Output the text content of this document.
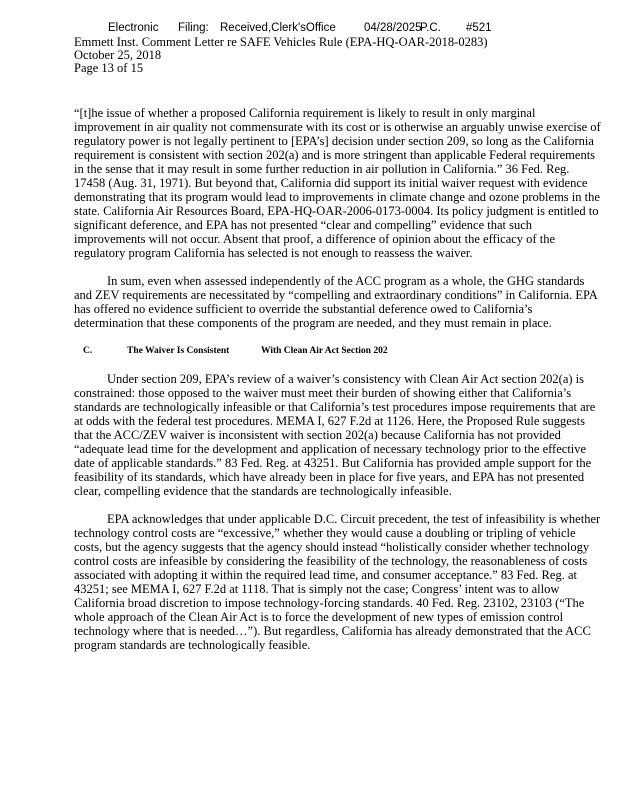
Electronic Filing: Received,Clerk'sOffice 04/28/2025
P.C. #521
Emmett Inst. Comment Letter re SAFE Vehicles Rule (EPA-HQ-OAR-2018-0283)
October 25, 2018
Page 13 of 15

“[t]he issue of whether a proposed California requirement is likely to result in only marginal improvement in air quality not commensurate with its cost or is otherwise an arguably unwise exercise of regulatory power is not legally pertinent to [EPA’s] decision under section 209, so long as the California requirement is consistent with section 202(a) and is more stringent than applicable Federal requirements in the sense that it may result in some further reduction in air pollution in California.” 36 Fed. Reg. 17458 (Aug. 31, 1971). But beyond that, California did support its initial waiver request with evidence demonstrating that its program would lead to improvements in climate change and ozone problems in the state. California Air Resources Board, EPA-HQ-OAR-2006-0173-0004. Its policy judgment is entitled to significant deference, and EPA has not presented “clear and compelling” evidence that such improvements will not occur. Absent that proof, a difference of opinion about the efficacy of the regulatory program California has selected is not enough to reassess the waiver.

In sum, even when assessed independently of the ACC program as a whole, the GHG standards and ZEV requirements are necessitated by “compelling and extraordinary conditions” in California. EPA has offered no evidence sufficient to override the substantial deference owed to California’s determination that these components of the program are needed, and they must remain in place.

C.	The Waiver Is Consistent	With Clean Air Act Section 202

Under section 209, EPA’s review of a waiver’s consistency with Clean Air Act section 202(a) is constrained: those opposed to the waiver must meet their burden of showing either that California’s standards are technologically infeasible or that California’s test procedures impose requirements that are at odds with the federal test procedures. MEMA I, 627 F.2d at 1126. Here, the Proposed Rule suggests that the ACC/ZEV waiver is inconsistent with section 202(a) because California has not provided “adequate lead time for the development and application of necessary technology prior to the effective date of applicable standards.” 83 Fed. Reg. at 43251. But California has provided ample support for the feasibility of its standards, which have already been in place for five years, and EPA has not presented clear, compelling evidence that the standards are technologically infeasible.

EPA acknowledges that under applicable D.C. Circuit precedent, the test of infeasibility is whether technology control costs are “excessive,” whether they would cause a doubling or tripling of vehicle costs, but the agency suggests that the agency should instead “holistically consider whether technology control costs are infeasible by considering the feasibility of the technology, the reasonableness of costs associated with adopting it within the required lead time, and consumer acceptance.” 83 Fed. Reg. at 43251; see MEMA I, 627 F.2d at 1118. That is simply not the case; Congress’ intent was to allow California broad discretion to impose technology-forcing standards. 40 Fed. Reg. 23102, 23103 (“The whole approach of the Clean Air Act is to force the development of new types of emission control technology where that is needed…”). But regardless, California has already demonstrated that the ACC program standards are technologically feasible.
